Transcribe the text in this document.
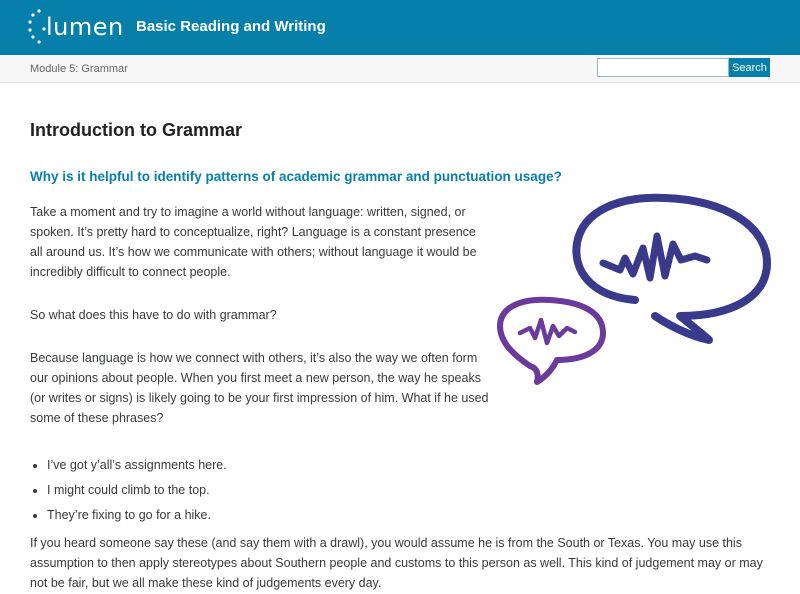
lumen Basic Reading and Writing
Module 5: Grammar	Search
Introduction to Grammar
Why is it helpful to identify patterns of academic grammar and punctuation usage?

Take a moment and try to imagine a world without language: written, signed, or spoken. It’s pretty hard to conceptualize, right? Language is a constant presence all around us. It’s how we communicate with others; without language it would be incredibly difficult to connect people.

So what does this have to do with grammar?

Because language is how we connect with others, it’s also the way we often form our opinions about people. When you first meet a new person, the way he speaks (or writes or signs) is likely going to be your first impression of him. What if he used some of these phrases?

I’ve got y’all’s assignments here.
I might could climb to the top.
They’re fixing to go for a hike.

If you heard someone say these (and say them with a drawl), you would assume he is from the South or Texas. You may use this assumption to then apply stereotypes about Southern people and customs to this person as well. This kind of judgement may or may not be fair, but we all make these kind of judgements every day.
